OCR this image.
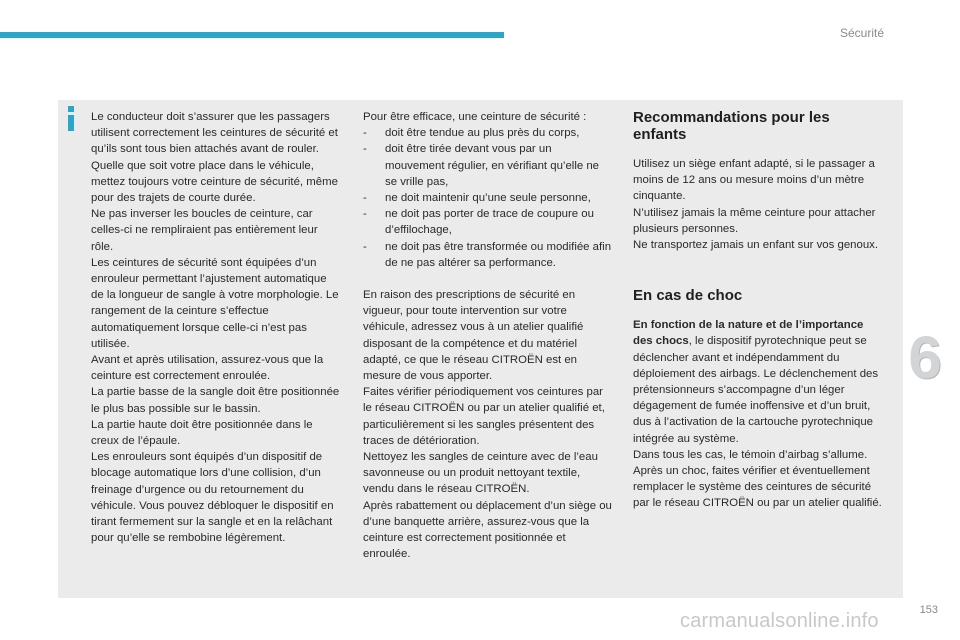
Sécurité
6

Le conducteur doit s’assurer que les passagers utilisent correctement les ceintures de sécurité et qu’ils sont tous bien attachés avant de rouler.

Quelle que soit votre place dans le véhicule, mettez toujours votre ceinture de sécurité, même pour des trajets de courte durée.

Ne pas inverser les boucles de ceinture, car celles-ci ne rempliraient pas entièrement leur rôle.

Les ceintures de sécurité sont équipées d’un enrouleur permettant l’ajustement automatique de la longueur de sangle à votre morphologie. Le rangement de la ceinture s’effectue automatiquement lorsque celle-ci n’est pas utilisée.

Avant et après utilisation, assurez-vous que la ceinture est correctement enroulée.

La partie basse de la sangle doit être positionnée le plus bas possible sur le bassin.

La partie haute doit être positionnée dans le creux de l’épaule.

Les enrouleurs sont équipés d’un dispositif de blocage automatique lors d’une collision, d’un freinage d’urgence ou du retournement du véhicule. Vous pouvez débloquer le dispositif en tirant fermement sur la sangle et en la relâchant pour qu’elle se rembobine légèrement.

Pour être efficace, une ceinture de sécurité :

- doit être tendue au plus près du corps,
- doit être tirée devant vous par un mouvement régulier, en vérifiant qu’elle ne se vrille pas,
- ne doit maintenir qu’une seule personne,
- ne doit pas porter de trace de coupure ou d’effilochage,
- ne doit pas être transformée ou modifiée afin de ne pas altérer sa performance.

En raison des prescriptions de sécurité en vigueur, pour toute intervention sur votre véhicule, adressez vous à un atelier qualifié disposant de la compétence et du matériel adapté, ce que le réseau CITROËN est en mesure de vous apporter.

Faites vérifier périodiquement vos ceintures par le réseau CITROËN ou par un atelier qualifié et, particulièrement si les sangles présentent des traces de détérioration.

Nettoyez les sangles de ceinture avec de l’eau savonneuse ou un produit nettoyant textile, vendu dans le réseau CITROËN.

Après rabattement ou déplacement d’un siège ou d’une banquette arrière, assurez-vous que la ceinture est correctement positionnée et enroulée.

Recommandations pour les enfants

Utilisez un siège enfant adapté, si le passager a moins de 12 ans ou mesure moins d’un mètre cinquante.

N’utilisez jamais la même ceinture pour attacher plusieurs personnes.

Ne transportez jamais un enfant sur vos genoux.

En cas de choc

En fonction de la nature et de l’importance des chocs, le dispositif pyrotechnique peut se déclencher avant et indépendamment du déploiement des airbags. Le déclenchement des prétensionneurs s’accompagne d’un léger dégagement de fumée inoffensive et d’un bruit, dus à l’activation de la cartouche pyrotechnique intégrée au système.

Dans tous les cas, le témoin d’airbag s’allume.

Après un choc, faites vérifier et éventuellement remplacer le système des ceintures de sécurité par le réseau CITROËN ou par un atelier qualifié.

153
carmanualsonline.info
